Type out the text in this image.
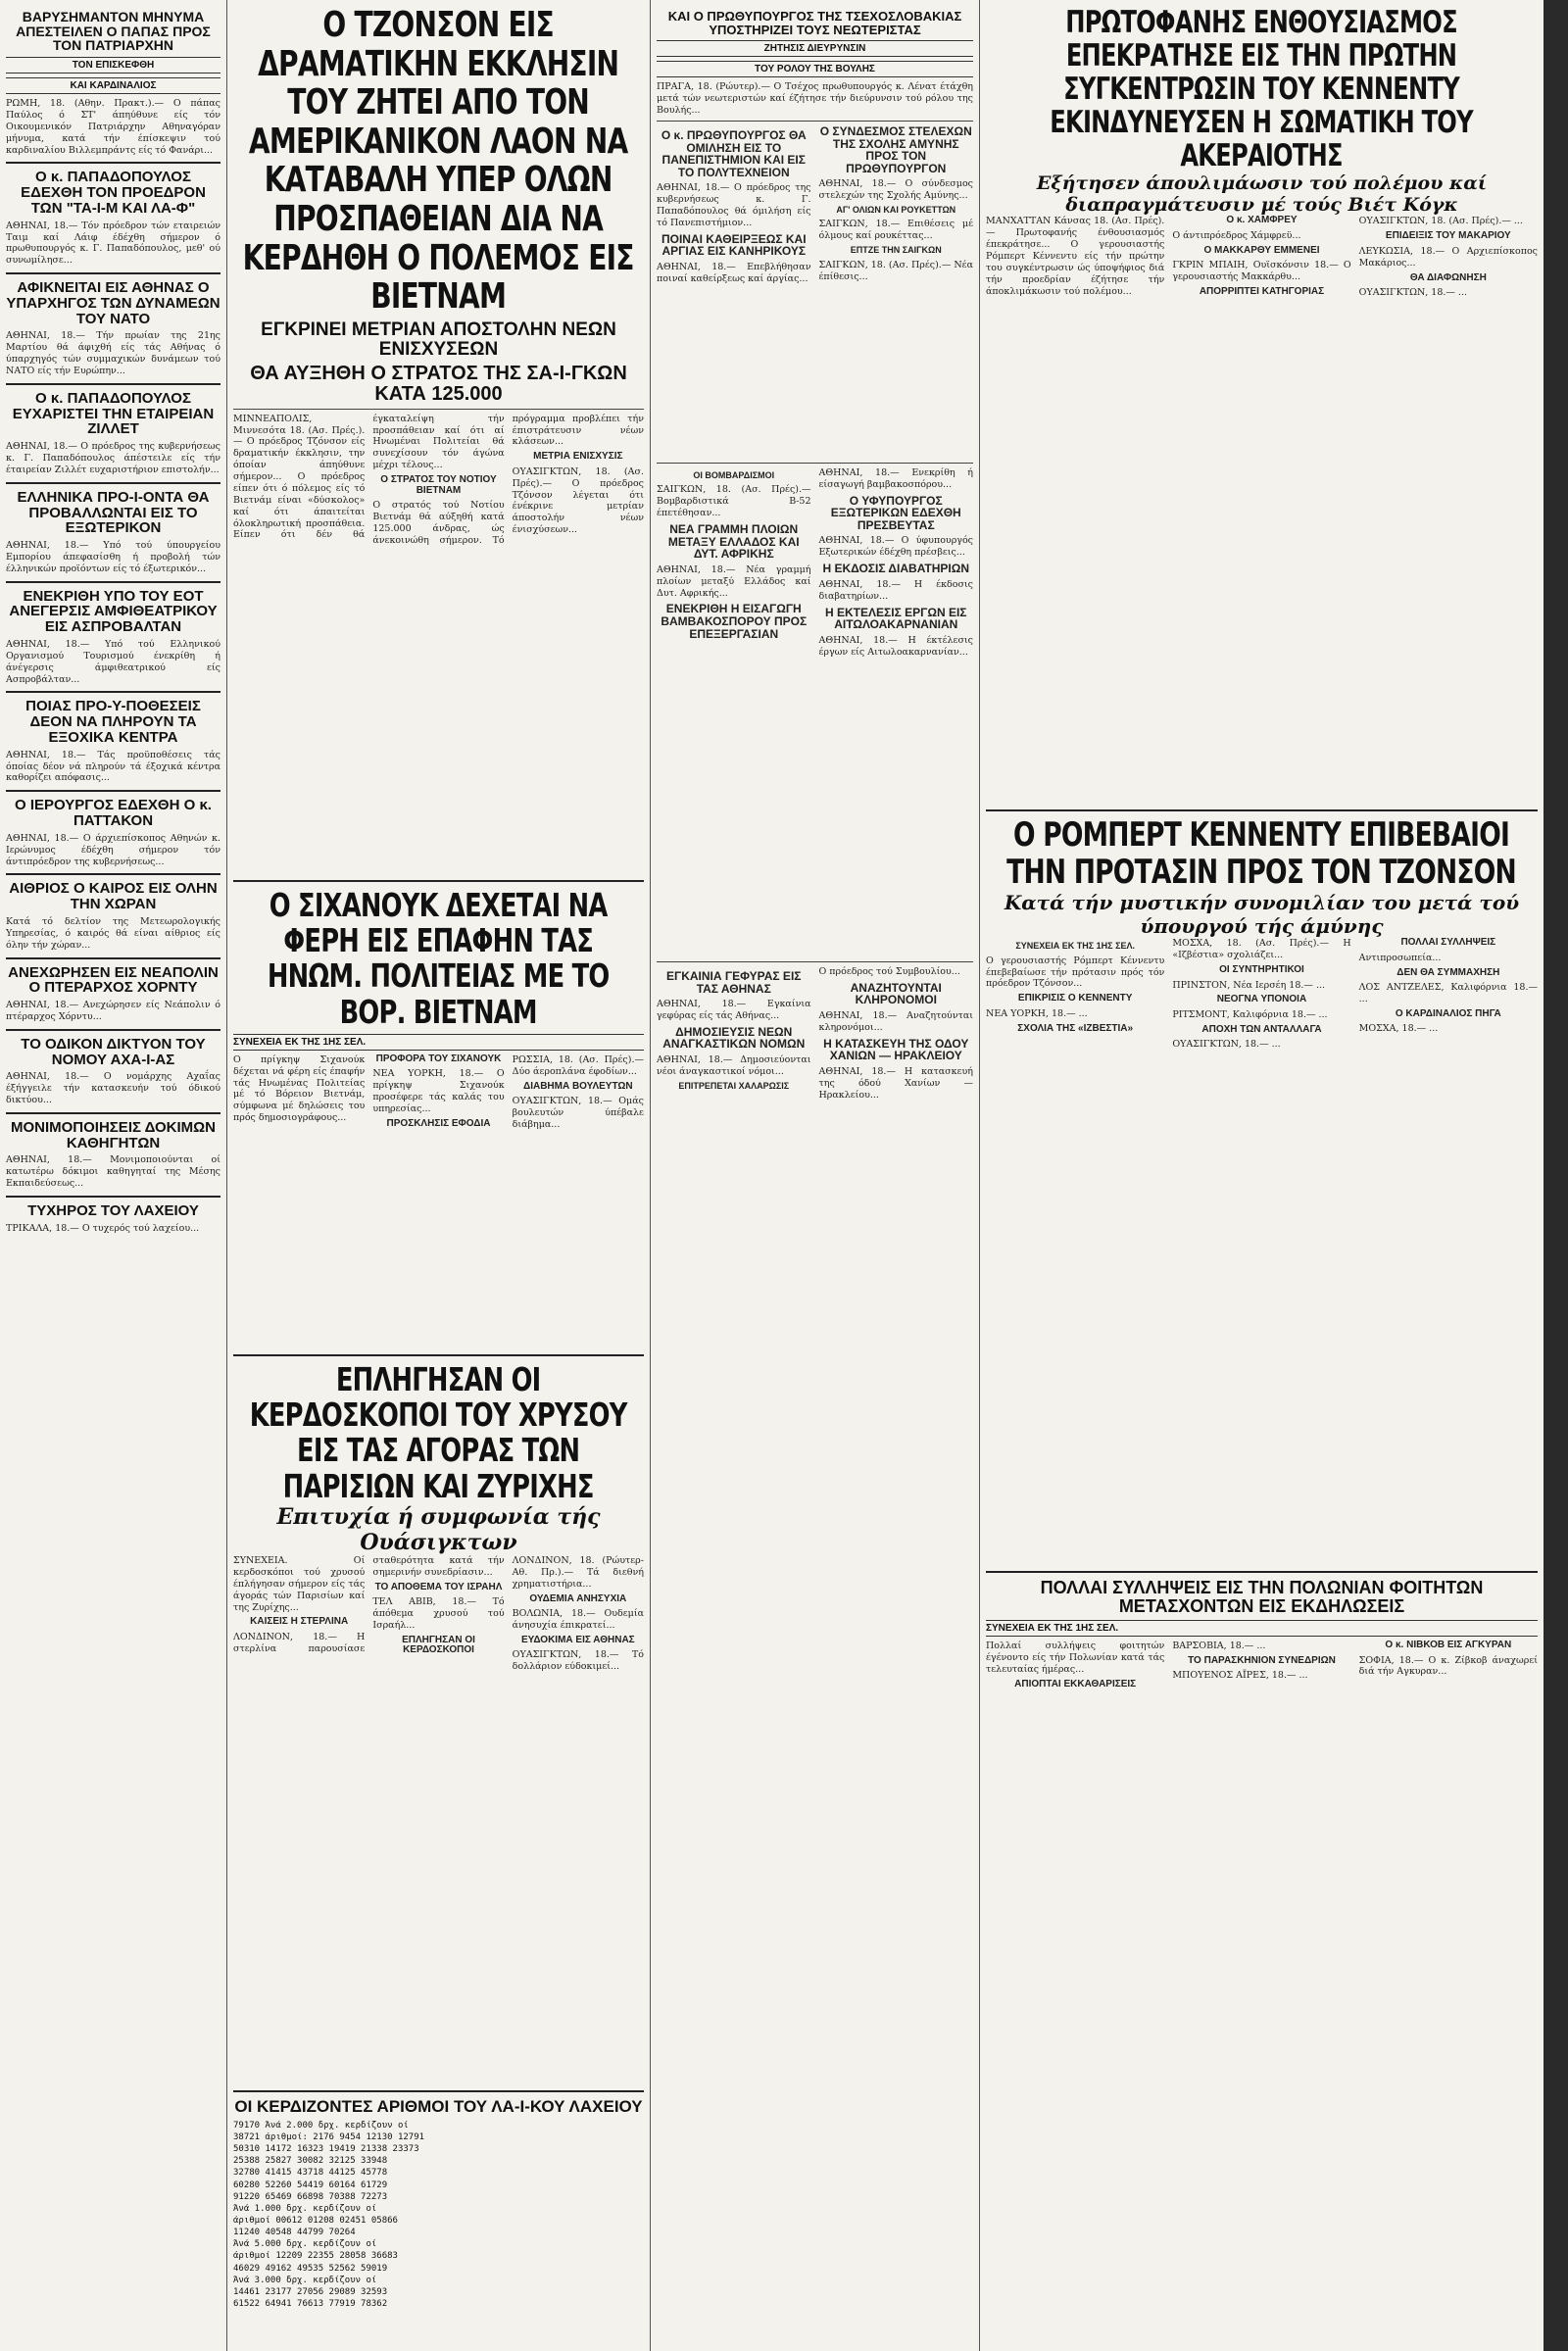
ΒΑΡΥΣΗΜΑΝΤΟΝ ΜΗΝΥΜΑ ΑΠΕΣΤΕΙΛΕΝ Ο ΠΑΠΑΣ ΠΡΟΣ ΤΟΝ ΠΑΤΡΙΑΡΧΗΝ
ΤΟΝ ΕΠΙΣΚΕΦΘΗ
ΚΑΙ ΚΑΡΔΙΝΑΛΙΟΣ
ΡΩΜΗ, 18. (Αθην. Πρακτ.).— Ο πάπας Παύλος ό ΣΤ' άπηύθυνε είς τόν Οικουμενικόν Πατριάρχην Αθηναγόραν μήνυμα, κατά τήν έπίσκεψιν τού καρδιναλίου Βιλλεμπράντς είς τό Φανάρι...
Ο κ. ΠΑΠΑΔΟΠΟΥΛΟΣ ΕΔΕΧΘΗ ΤΟΝ ΠΡΟΕΔΡΟΝ ΤΩΝ "ΤΑ-Ι-Μ ΚΑΙ ΛΑ-Φ"
ΑΘΗΝΑΙ, 18.— Τόν πρόεδρον τών εταιρειών Ταιμ καί Λάιφ έδέχθη σήμερον ό πρωθυπουργός κ. Γ. Παπαδόπουλος, μεθ' ού συνωμίλησε...
ΑΦΙΚΝΕΙΤΑΙ ΕΙΣ ΑΘΗΝΑΣ Ο ΥΠΑΡΧΗΓΟΣ ΤΩΝ ΔΥΝΑΜΕΩΝ ΤΟΥ ΝΑΤΟ
ΑΘΗΝΑΙ, 18.— Τήν πρωίαν της 21ης Μαρτίου θά άφιχθή είς τάς Αθήνας ό ύπαρχηγός τών συμμαχικών δυνάμεων τού ΝΑΤΟ είς τήν Ευρώπην...
Ο κ. ΠΑΠΑΔΟΠΟΥΛΟΣ ΕΥΧΑΡΙΣΤΕΙ ΤΗΝ ΕΤΑΙΡΕΙΑΝ ΖΙΛΛΕΤ
ΑΘΗΝΑΙ, 18.— Ο πρόεδρος της κυβερνήσεως κ. Γ. Παπαδόπουλος άπέστειλε είς τήν έταιρείαν Ζιλλέτ ευχαριστήριον επιστολήν...
ΕΛΛΗΝΙΚΑ ΠΡΟ-Ι-ΟΝΤΑ ΘΑ ΠΡΟΒΑΛΛΩΝΤΑΙ ΕΙΣ ΤΟ ΕΞΩΤΕΡΙΚΟΝ
ΑΘΗΝΑΙ, 18.— Υπό τού ύπουργείου Εμπορίου άπεφασίσθη ή προβολή τών έλληνικών προϊόντων είς τό έξωτερικόν...
ΕΝΕΚΡΙΘΗ ΥΠΟ ΤΟΥ ΕΟΤ ΑΝΕΓΕΡΣΙΣ ΑΜΦΙΘΕΑΤΡΙΚΟΥ ΕΙΣ ΑΣΠΡΟΒΑΛΤΑΝ
ΑΘΗΝΑΙ, 18.— Υπό τού Ελληνικού Οργανισμού Τουρισμού ένεκρίθη ή άνέγερσις άμφιθεατρικού είς Ασπροβάλταν...
ΠΟΙΑΣ ΠΡΟ-Υ-ΠΟΘΕΣΕΙΣ ΔΕΟΝ ΝΑ ΠΛΗΡΟΥΝ ΤΑ ΕΞΟΧΙΚΑ ΚΕΝΤΡΑ
ΑΘΗΝΑΙ, 18.— Τάς προϋποθέσεις τάς όποίας δέον νά πληρούν τά έξοχικά κέντρα καθορίζει απόφασις...
Ο ΙΕΡΟΥΡΓΟΣ ΕΔΕΧΘΗ Ο κ. ΠΑΤΤΑΚΟΝ
ΑΘΗΝΑΙ, 18.— Ο άρχιεπίσκοπος Αθηνών κ. Ιερώνυμος έδέχθη σήμερον τόν άντιπρόεδρον της κυβερνήσεως...
ΑΙΘΡΙΟΣ Ο ΚΑΙΡΟΣ ΕΙΣ ΟΛΗΝ ΤΗΝ ΧΩΡΑΝ
Κατά τό δελτίον της Μετεωρολογικής Υπηρεσίας, ό καιρός θά είναι αίθριος είς όλην τήν χώραν...
ΑΝΕΧΩΡΗΣΕΝ ΕΙΣ ΝΕΑΠΟΛΙΝ Ο ΠΤΕΡΑΡΧΟΣ ΧΟΡΝΤΥ
ΑΘΗΝΑΙ, 18.— Ανεχώρησεν είς Νεάπολιν ό πτέραρχος Χόρντυ...
ΤΟ ΟΔΙΚΟΝ ΔΙΚΤΥΟΝ ΤΟΥ ΝΟΜΟΥ ΑΧΑ-Ι-ΑΣ
ΑΘΗΝΑΙ, 18.— Ο νομάρχης Αχαΐας έξήγγειλε τήν κατασκευήν τού όδικού δικτύου...
ΜΟΝΙΜΟΠΟΙΗΣΕΙΣ ΔΟΚΙΜΩΝ ΚΑΘΗΓΗΤΩΝ
ΑΘΗΝΑΙ, 18.— Μονιμοποιούνται οί κατωτέρω δόκιμοι καθηγηταί της Μέσης Εκπαιδεύσεως...
ΤΥΧΗΡΟΣ ΤΟΥ ΛΑΧΕΙΟΥ
ΤΡΙΚΑΛΑ, 18.— Ο τυχερός τού λαχείου...
Ο ΤΖΟΝΣΟΝ ΕΙΣ ΔΡΑΜΑΤΙΚΗΝ ΕΚΚΛΗΣΙΝ ΤΟΥ ΖΗΤΕΙ ΑΠΟ ΤΟΝ ΑΜΕΡΙΚΑΝΙΚΟΝ ΛΑΟΝ ΝΑ ΚΑΤΑΒΑΛΗ ΥΠΕΡ ΟΛΩΝ ΠΡΟΣΠΑΘΕΙΑΝ ΔΙΑ ΝΑ ΚΕΡΔΗΘΗ Ο ΠΟΛΕΜΟΣ ΕΙΣ ΒΙΕΤΝΑΜ
ΕΓΚΡΙΝΕΙ ΜΕΤΡΙΑΝ ΑΠΟΣΤΟΛΗΝ ΝΕΩΝ ΕΝΙΣΧΥΣΕΩΝ
ΘΑ ΑΥΞΗΘΗ Ο ΣΤΡΑΤΟΣ ΤΗΣ ΣΑ-Ι-ΓΚΩΝ ΚΑΤΑ 125.000
ΜΙΝΝΕΑΠΟΛΙΣ, Μιννεσότα 18. (Ασ. Πρές.).— Ο πρόεδρος Τζόνσον είς δραματικήν έκκλησιν, την όποίαν άπηύθυνε σήμερον... Ο πρόεδρος είπεν ότι ό πόλεμος είς τό Βιετνάμ είναι «δύσκολος» καί ότι άπαιτείται όλοκληρωτική προσπάθεια. Είπεν ότι δέν θά έγκαταλείψη τήν προσπάθειαν καί ότι αί Ηνωμέναι Πολιτείαι θά συνεχίσουν τόν άγώνα μέχρι τέλους...
Ο ΣΤΡΑΤΟΣ ΤΟΥ ΝΟΤΙΟΥ ΒΙΕΤΝΑΜ
Ο στρατός τού Νοτίου Βιετνάμ θά αύξηθή κατά 125.000 άνδρας, ώς άνεκοινώθη σήμερον. Τό πρόγραμμα προβλέπει τήν έπιστράτευσιν νέων κλάσεων...
ΜΕΤΡΙΑ ΕΝΙΣΧΥΣΙΣ
ΟΥΑΣΙΓΚΤΩΝ, 18. (Ασ. Πρές).— Ο πρόεδρος Τζόνσον λέγεται ότι ένέκρινε μετρίαν άποστολήν νέων ένισχύσεων...
Ο ΣΙΧΑΝΟΥΚ ΔΕΧΕΤΑΙ ΝΑ ΦΕΡΗ ΕΙΣ ΕΠΑΦΗΝ ΤΑΣ ΗΝΩΜ. ΠΟΛΙΤΕΙΑΣ ΜΕ ΤΟ ΒΟΡ. ΒΙΕΤΝΑΜ
ΣΥΝΕΧΕΙΑ ΕΚ ΤΗΣ 1ΗΣ ΣΕΛ.
Ο πρίγκηψ Σιχανούκ δέχεται νά φέρη είς έπαφήν τάς Ηνωμένας Πολιτείας μέ τό Βόρειον Βιετνάμ, σύμφωνα μέ δηλώσεις του πρός δημοσιογράφους...
ΠΡΟΦΟΡΑ ΤΟΥ ΣΙΧΑΝΟΥΚ
ΝΕΑ ΥΟΡΚΗ, 18.— Ο πρίγκηψ Σιχανούκ προσέφερε τάς καλάς του υπηρεσίας...
ΠΡΟΣΚΛΗΣΙΣ ΕΦΟΔΙΑ
ΡΩΣΣΙΑ, 18. (Ασ. Πρές).— Δύο άεροπλάνα έφοδίων...
ΔΙΑΒΗΜΑ ΒΟΥΛΕΥΤΩΝ
ΟΥΑΣΙΓΚΤΩΝ, 18.— Ομάς βουλευτών ύπέβαλε διάβημα...
ΕΠΛΗΓΗΣΑΝ ΟΙ ΚΕΡΔΟΣΚΟΠΟΙ ΤΟΥ ΧΡΥΣΟΥ ΕΙΣ ΤΑΣ ΑΓΟΡΑΣ ΤΩΝ ΠΑΡΙΣΙΩΝ ΚΑΙ ΖΥΡΙΧΗΣ
Επιτυχία ή συμφωνία τής Ουάσιγκτων
ΣΥΝΕΧΕΙΑ. Οί κερδοσκόποι τού χρυσού έπλήγησαν σήμερον είς τάς άγοράς τών Παρισίων καί της Ζυρίχης...
ΚΑΙΣΕΙΣ Η ΣΤΕΡΛΙΝΑ
ΛΟΝΔΙΝΟΝ, 18.— Η στερλίνα παρουσίασε σταθερότητα κατά τήν σημερινήν συνεδρίασιν...
ΤΟ ΑΠΟΘΕΜΑ ΤΟΥ ΙΣΡΑΗΛ
ΤΕΛ ΑΒΙΒ, 18.— Τό άπόθεμα χρυσού τού Ισραήλ...
ΕΠΛΗΓΗΣΑΝ ΟΙ ΚΕΡΔΟΣΚΟΠΟΙ
ΛΟΝΔΙΝΟΝ, 18. (Ρώυτερ-Αθ. Πρ.).— Τά διεθνή χρηματιστήρια...
ΟΥΔΕΜΙΑ ΑΝΗΣΥΧΙΑ
ΒΟΛΩΝΙΑ, 18.— Ουδεμία άνησυχία έπικρατεί...
ΕΥΔΟΚΙΜΑ ΕΙΣ ΑΘΗΝΑΣ
ΟΥΑΣΙΓΚΤΩΝ, 18.— Τό δολλάριον εύδοκιμεί...
ΟΙ ΚΕΡΔΙΖΟΝΤΕΣ ΑΡΙΘΜΟΙ ΤΟΥ ΛΑ-Ι-ΚΟΥ ΛΑΧΕΙΟΥ
79170 Άνά 2.000 δρχ. κερδίζουν οί
38721 άριθμοί: 2176 9454 12130 12791
50310 14172 16323 19419 21338 23373
25388 25827 30082 32125 33948
32780 41415 43718 44125 45778
60280 52260 54419 60164 61729
91220 65469 66898 70388 72273
Άνά 1.000 δρχ. κερδίζουν οί
άριθμοί 00612 01208 02451 05866
11240 40548 44799 70264
Άνά 5.000 δρχ. κερδίζουν οί
άριθμοί 12209 22355 28058 36683
46029 49162 49535 52562 59019
Άνά 3.000 δρχ. κερδίζουν οί
14461 23177 27056 29089 32593
61522 64941 76613 77919 78362
ΚΑΙ Ο ΠΡΩΘΥΠΟΥΡΓΟΣ ΤΗΣ ΤΣΕΧΟΣΛΟΒΑΚΙΑΣ ΥΠΟΣΤΗΡΙΖΕΙ ΤΟΥΣ ΝΕΩΤΕΡΙΣΤΑΣ
ΖΗΤΗΣΙΣ ΔΙΕΥΡΥΝΣΙΝ
ΤΟΥ ΡΟΛΟΥ ΤΗΣ ΒΟΥΛΗΣ
ΠΡΑΓΑ, 18. (Ρώυτερ).— Ο Τσέχος πρωθυπουργός κ. Λένατ έτάχθη μετά τών νεωτεριστών καί έζήτησε τήν διεύρυνσιν τού ρόλου της Βουλής...
Ο κ. ΠΡΩΘΥΠΟΥΡΓΟΣ ΘΑ ΟΜΙΛΗΣΗ ΕΙΣ ΤΟ ΠΑΝΕΠΙΣΤΗΜΙΟΝ ΚΑΙ ΕΙΣ ΤΟ ΠΟΛΥΤΕΧΝΕΙΟΝ
ΑΘΗΝΑΙ, 18.— Ο πρόεδρος της κυβερνήσεως κ. Γ. Παπαδόπουλος θά όμιλήση είς τό Πανεπιστήμιον...
ΠΟΙΝΑΙ ΚΑΘΕΙΡΞΕΩΣ ΚΑΙ ΑΡΓΙΑΣ ΕΙΣ ΚΑΝΗΡΙΚΟΥΣ
ΑΘΗΝΑΙ, 18.— Επεβλήθησαν ποιναί καθείρξεως καί άργίας...
Ο ΣΥΝΔΕΣΜΟΣ ΣΤΕΛΕΧΩΝ ΤΗΣ ΣΧΟΛΗΣ ΑΜΥΝΗΣ ΠΡΟΣ ΤΟΝ ΠΡΩΘΥΠΟΥΡΓΟΝ
ΑΘΗΝΑΙ, 18.— Ο σύνδεσμος στελεχών της Σχολής Αμύνης...
ΑΓ' ΟΛΙΩΝ ΚΑΙ ΡΟΥΚΕΤΤΩΝ
ΣΑΙΓΚΩΝ, 18.— Επιθέσεις μέ όλμους καί ρουκέττας...
ΕΠΤΖΕ ΤΗΝ ΣΑΙΓΚΩΝ
ΣΑΙΓΚΩΝ, 18. (Ασ. Πρές).— Νέα έπίθεσις...
ΟΙ ΒΟΜΒΑΡΔΙΣΜΟΙ
ΣΑΙΓΚΩΝ, 18. (Ασ. Πρές).— Βομβαρδιστικά Β-52 έπετέθησαν...
ΝΕΑ ΓΡΑΜΜΗ ΠΛΟΙΩΝ ΜΕΤΑΞΥ ΕΛΛΑΔΟΣ ΚΑΙ ΔΥΤ. ΑΦΡΙΚΗΣ
ΑΘΗΝΑΙ, 18.— Νέα γραμμή πλοίων μεταξύ Ελλάδος καί Δυτ. Αφρικής...
ΕΝΕΚΡΙΘΗ Η ΕΙΣΑΓΩΓΗ ΒΑΜΒΑΚΟΣΠΟΡΟΥ ΠΡΟΣ ΕΠΕΞΕΡΓΑΣΙΑΝ
ΑΘΗΝΑΙ, 18.— Ενεκρίθη ή είσαγωγή βαμβακοσπόρου...
Ο ΥΦΥΠΟΥΡΓΟΣ ΕΞΩΤΕΡΙΚΩΝ ΕΔΕΧΘΗ ΠΡΕΣΒΕΥΤΑΣ
ΑΘΗΝΑΙ, 18.— Ο ύφυπουργός Εξωτερικών έδέχθη πρέσβεις...
Η ΕΚΔΟΣΙΣ ΔΙΑΒΑΤΗΡΙΩΝ
ΑΘΗΝΑΙ, 18.— Η έκδοσις διαβατηρίων...
Η ΕΚΤΕΛΕΣΙΣ ΕΡΓΩΝ ΕΙΣ ΑΙΤΩΛΟΑΚΑΡΝΑΝΙΑΝ
ΑΘΗΝΑΙ, 18.— Η έκτέλεσις έργων είς Αιτωλοακαρνανίαν...
ΕΓΚΑΙΝΙΑ ΓΕΦΥΡΑΣ ΕΙΣ ΤΑΣ ΑΘΗΝΑΣ
ΑΘΗΝΑΙ, 18.— Εγκαίνια γεφύρας είς τάς Αθήνας...
ΔΗΜΟΣΙΕΥΣΙΣ ΝΕΩΝ ΑΝΑΓΚΑΣΤΙΚΩΝ ΝΟΜΩΝ
ΑΘΗΝΑΙ, 18.— Δημοσιεύονται νέοι άναγκαστικοί νόμοι...
ΕΠΙΤΡΕΠΕΤΑΙ ΧΑΛΑΡΩΣΙΣ
Ο πρόεδρος τού Συμβουλίου...
ΑΝΑΖΗΤΟΥΝΤΑΙ ΚΛΗΡΟΝΟΜΟΙ
ΑΘΗΝΑΙ, 18.— Αναζητούνται κληρονόμοι...
Η ΚΑΤΑΣΚΕΥΗ ΤΗΣ ΟΔΟΥ ΧΑΝΙΩΝ — ΗΡΑΚΛΕΙΟΥ
ΑΘΗΝΑΙ, 18.— Η κατασκευή της όδού Χανίων — Ηρακλείου...
ΠΡΩΤΟΦΑΝΗΣ ΕΝΘΟΥΣΙΑΣΜΟΣ ΕΠΕΚΡΑΤΗΣΕ ΕΙΣ ΤΗΝ ΠΡΩΤΗΝ ΣΥΓΚΕΝΤΡΩΣΙΝ ΤΟΥ ΚΕΝΝΕΝΤΥ
ΕΚΙΝΔΥΝΕΥΣΕΝ Η ΣΩΜΑΤΙΚΗ ΤΟΥ ΑΚΕΡΑΙΟΤΗΣ
Εξήτησεν άπουλιμάωσιν τού πολέμου καί διαπραγμάτευσιν μέ τούς Βιέτ Κόγκ
ΜΑΝΧΑΤΤΑΝ Κάνσας 18. (Ασ. Πρές).— Πρωτοφανής ένθουσιασμός έπεκράτησε... Ο γερουσιαστής Ρόμπερτ Κέννεντυ είς τήν πρώτην του συγκέντρωσιν ώς ύποψήφιος διά τήν προεδρίαν έζήτησε τήν άποκλιμάκωσιν τού πολέμου...
Ο κ. ΧΑΜΦΡΕΥ
Ο άντιπρόεδρος Χάμφρεϋ...
Ο ΜΑΚΚΑΡΘΥ ΕΜΜΕΝΕΙ
ΓΚΡΙΝ ΜΠΑΙΗ, Ουϊσκόνσιν 18.— Ο γερουσιαστής Μακκάρθυ...
ΑΠΟΡΡΙΠΤΕΙ ΚΑΤΗΓΟΡΙΑΣ
ΟΥΑΣΙΓΚΤΩΝ, 18. (Ασ. Πρές).— ...
ΕΠΙΔΕΙΞΙΣ ΤΟΥ ΜΑΚΑΡΙΟΥ
ΛΕΥΚΩΣΙΑ, 18.— Ο Αρχιεπίσκοπος Μακάριος...
ΘΑ ΔΙΑΦΩΝΗΣΗ
ΟΥΑΣΙΓΚΤΩΝ, 18.— ...
Ο ΡΟΜΠΕΡΤ ΚΕΝΝΕΝΤΥ ΕΠΙΒΕΒΑΙΟΙ ΤΗΝ ΠΡΟΤΑΣΙΝ ΠΡΟΣ ΤΟΝ ΤΖΟΝΣΟΝ
Κατά τήν μυστικήν συνομιλίαν του μετά τού ύπουργού τής άμύνης
ΣΥΝΕΧΕΙΑ ΕΚ ΤΗΣ 1ΗΣ ΣΕΛ.
Ο γερουσιαστής Ρόμπερτ Κέννεντυ έπεβεβαίωσε τήν πρότασιν πρός τόν πρόεδρον Τζόνσον...
ΕΠΙΚΡΙΣΙΣ Ο ΚΕΝΝΕΝΤΥ
ΝΕΑ ΥΟΡΚΗ, 18.— ...
ΣΧΟΛΙΑ ΤΗΣ «ΙΖΒΕΣΤΙΑ»
ΜΟΣΧΑ, 18. (Ασ. Πρές).— Η «Ιζβέστια» σχολιάζει...
ΟΙ ΣΥΝΤΗΡΗΤΙΚΟΙ
ΠΡΙΝΣΤΟΝ, Νέα Ιερσέη 18.— ...
ΝΕΟΓΝΑ ΥΠΟΝΟΙΑ
ΡΙΤΣΜΟΝΤ, Καλιφόρνια 18.— ...
ΑΠΟΧΗ ΤΩΝ ΑΝΤΑΛΛΑΓΑ
ΟΥΑΣΙΓΚΤΩΝ, 18.— ...
ΠΟΛΛΑΙ ΣΥΛΛΗΨΕΙΣ
Αντιπροσωπεία...
ΔΕΝ ΘΑ ΣΥΜΜΑΧΗΣΗ
ΛΟΣ ΑΝΤΖΕΛΕΣ, Καλιφόρνια 18.— ...
Ο ΚΑΡΔΙΝΑΛΙΟΣ ΠΗΓΑ
ΜΟΣΧΑ, 18.— ...
ΠΟΛΛΑΙ ΣΥΛΛΗΨΕΙΣ ΕΙΣ ΤΗΝ ΠΟΛΩΝΙΑΝ ΦΟΙΤΗΤΩΝ ΜΕΤΑΣΧΟΝΤΩΝ ΕΙΣ ΕΚΔΗΛΩΣΕΙΣ
ΣΥΝΕΧΕΙΑ ΕΚ ΤΗΣ 1ΗΣ ΣΕΛ.
Πολλαί συλλήψεις φοιτητών έγένοντο είς τήν Πολωνίαν κατά τάς τελευταίας ήμέρας...
ΑΠΙΟΠΤΑΙ ΕΚΚΑΘΑΡΙΣΕΙΣ
ΒΑΡΣΟΒΙΑ, 18.— ...
ΤΟ ΠΑΡΑΣΚΗΝΙΟΝ ΣΥΝΕΔΡΙΩΝ
ΜΠΟΥΕΝΟΣ ΑΪΡΕΣ, 18.— ...
Ο κ. ΝΙΒΚΟΒ ΕΙΣ ΑΓΚΥΡΑΝ
ΣΟΦΙΑ, 18.— Ο κ. Ζίβκοβ άναχωρεί διά τήν Αγκυραν...
